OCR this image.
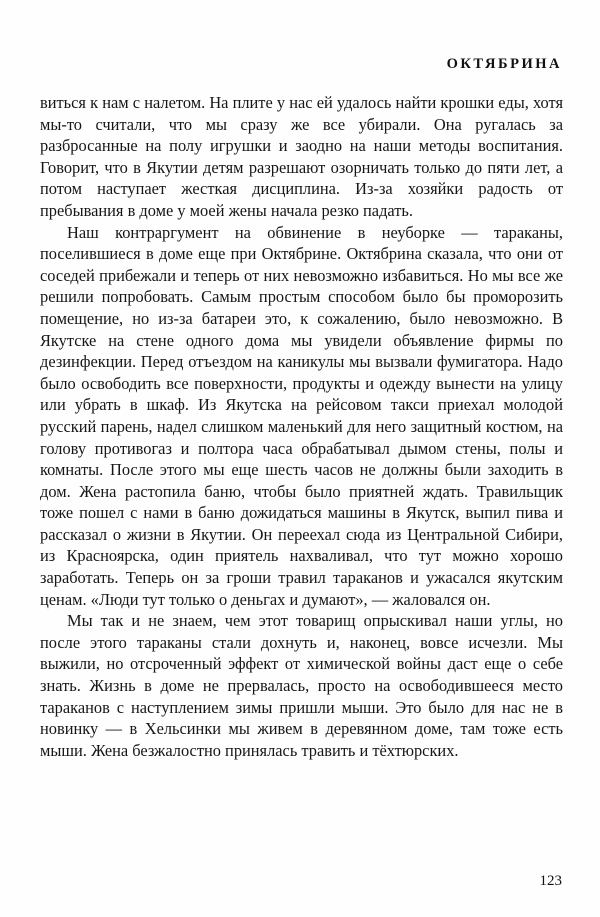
ОКТЯБРИНА

виться к нам с налетом. На плите у нас ей удалось найти крошки еды, хотя мы-то считали, что мы сразу же все убирали. Она ругалась за разбросанные на полу игрушки и заодно на наши методы воспитания. Говорит, что в Якутии детям разрешают озорничать только до пяти лет, а потом наступает жесткая дисциплина. Из-за хозяйки радость от пребывания в доме у моей жены начала резко падать.

Наш контраргумент на обвинение в неуборке — тараканы, поселившиеся в доме еще при Октябрине. Октябрина сказала, что они от соседей прибежали и теперь от них невозможно избавиться. Но мы все же решили попробовать. Самым простым способом было бы проморозить помещение, но из-за батареи это, к сожалению, было невозможно. В Якутске на стене одного дома мы увидели объявление фирмы по дезинфекции. Перед отъездом на каникулы мы вызвали фумигатора. Надо было освободить все поверхности, продукты и одежду вынести на улицу или убрать в шкаф. Из Якутска на рейсовом такси приехал молодой русский парень, надел слишком маленький для него защитный костюм, на голову противогаз и полтора часа обрабатывал дымом стены, полы и комнаты. После этого мы еще шесть часов не должны были заходить в дом. Жена растопила баню, чтобы было приятней ждать. Травильщик тоже пошел с нами в баню дожидаться машины в Якутск, выпил пива и рассказал о жизни в Якутии. Он переехал сюда из Центральной Сибири, из Красноярска, один приятель нахваливал, что тут можно хорошо заработать. Теперь он за гроши травил тараканов и ужасался якутским ценам. «Люди тут только о деньгах и думают», — жаловался он.

Мы так и не знаем, чем этот товарищ опрыскивал наши углы, но после этого тараканы стали дохнуть и, наконец, вовсе исчезли. Мы выжили, но отсроченный эффект от химической войны даст еще о себе знать. Жизнь в доме не прервалась, просто на освободившееся место тараканов с наступлением зимы пришли мыши. Это было для нас не в новинку — в Хельсинки мы живем в деревянном доме, там тоже есть мыши. Жена безжалостно принялась травить и тёхтюрских.

123
